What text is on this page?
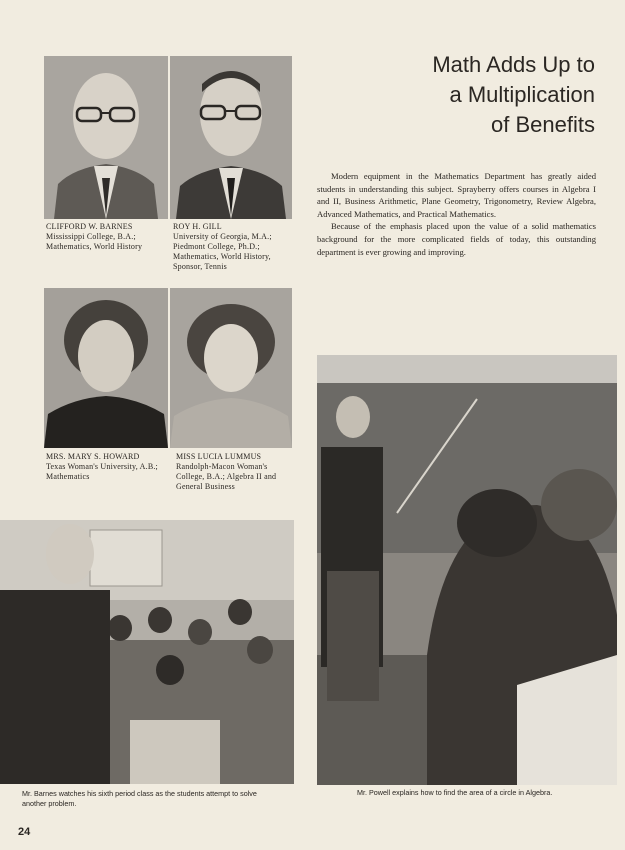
CLIFFORD W. BARNES
Mississippi College, B.A.; Mathematics, World History
ROY H. GILL
University of Georgia, M.A.; Piedmont College, Ph.D.; Mathematics, World History, Sponsor, Tennis
MRS. MARY S. HOWARD
Texas Woman's University, A.B.; Mathematics
MISS LUCIA LUMMUS
Randolph-Macon Woman's College, B.A.; Algebra II and General Business
Math Adds Up to
a Multiplication
of Benefits

Modern equipment in the Mathematics Department has greatly aided students in understanding this subject. Sprayberry offers courses in Algebra I and II, Business Arithmetic, Plane Geometry, Trigonometry, Review Algebra, Advanced Mathematics, and Practical Mathematics.

Because of the emphasis placed upon the value of a solid mathematics background for the more complicated fields of today, this outstanding department is ever growing and improving.

Mr. Barnes watches his sixth period class as the students attempt to solve another problem.
Mr. Powell explains how to find the area of a circle in Algebra.
24
